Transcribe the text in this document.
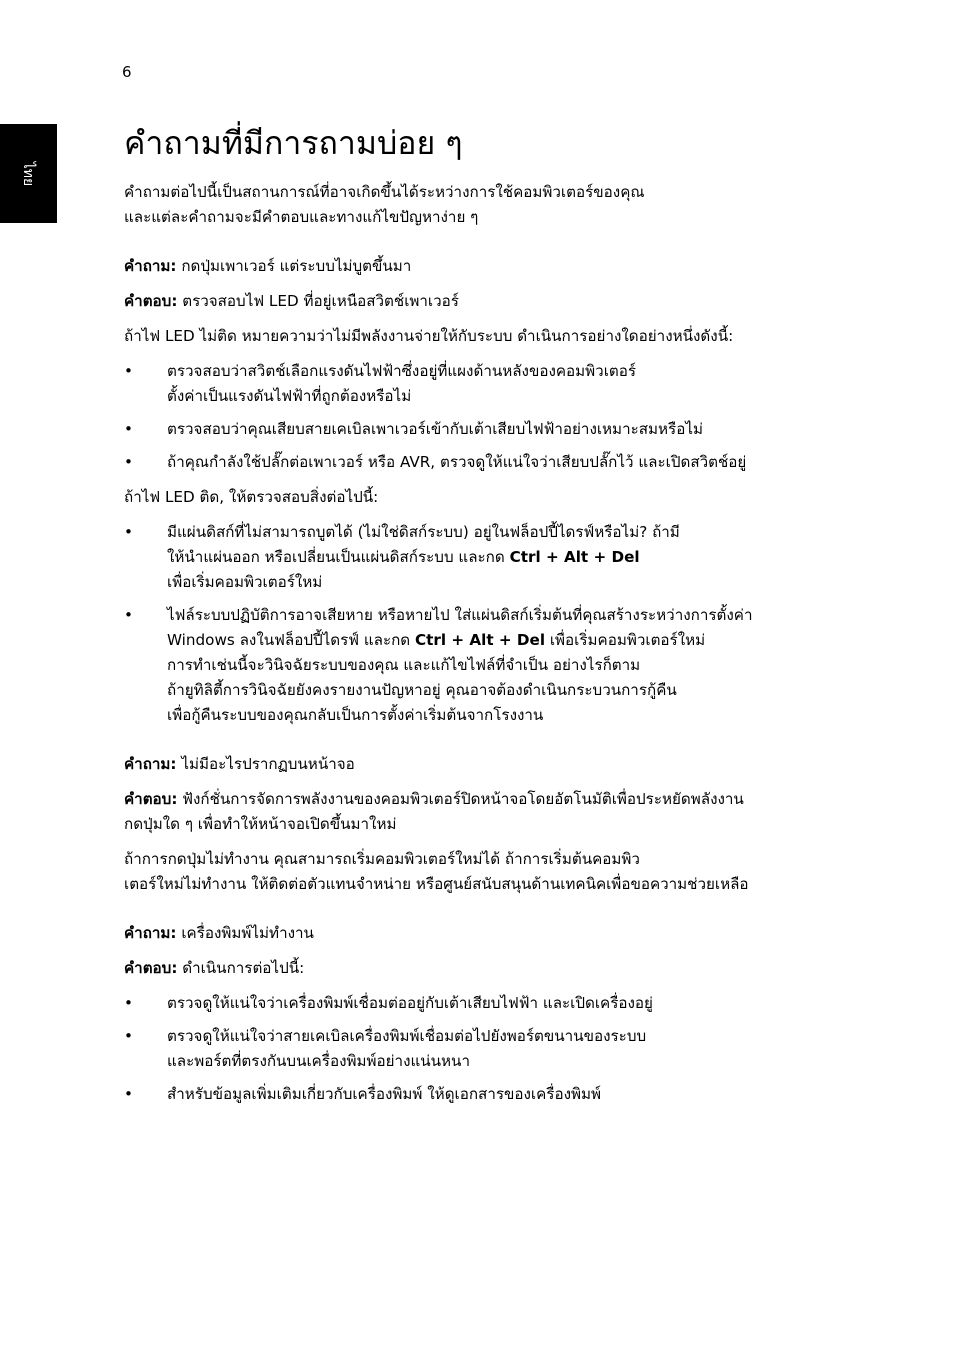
6
ไทย
คำถามที่มีการถามบ่อย ๆ

คำถามต่อไปนี้เป็นสถานการณ์ที่อาจเกิดขึ้นได้ระหว่างการใช้คอมพิวเตอร์ของคุณ
และแต่ละคำถามจะมีคำตอบและทางแก้ไขปัญหาง่าย ๆ

คำถาม: กดปุ่มเพาเวอร์ แต่ระบบไม่บูตขึ้นมา

คำตอบ: ตรวจสอบไฟ LED ที่อยู่เหนือสวิตช์เพาเวอร์

ถ้าไฟ LED ไม่ติด หมายความว่าไม่มีพลังงานจ่ายให้กับระบบ ดำเนินการอย่างใดอย่างหนึ่งดังนี้:

• ตรวจสอบว่าสวิตช์เลือกแรงดันไฟฟ้าซึ่งอยู่ที่แผงด้านหลังของคอมพิวเตอร์
ตั้งค่าเป็นแรงดันไฟฟ้าที่ถูกต้องหรือไม่
• ตรวจสอบว่าคุณเสียบสายเคเบิลเพาเวอร์เข้ากับเต้าเสียบไฟฟ้าอย่างเหมาะสมหรือไม่
• ถ้าคุณกำลังใช้ปลั๊กต่อเพาเวอร์ หรือ AVR, ตรวจดูให้แน่ใจว่าเสียบปลั๊กไว้ และเปิดสวิตช์อยู่

ถ้าไฟ LED ติด, ให้ตรวจสอบสิ่งต่อไปนี้:

• มีแผ่นดิสก์ที่ไม่สามารถบูตได้ (ไม่ใช่ดิสก์ระบบ) อยู่ในฟล็อปปี้ไดรฟ์หรือไม่? ถ้ามี
ให้นำแผ่นออก หรือเปลี่ยนเป็นแผ่นดิสก์ระบบ และกด Ctrl + Alt + Del
เพื่อเริ่มคอมพิวเตอร์ใหม่
• ไฟล์ระบบปฏิบัติการอาจเสียหาย หรือหายไป ใส่แผ่นดิสก์เริ่มต้นที่คุณสร้างระหว่างการตั้งค่า
Windows ลงในฟล็อปปี้ไดรฟ์ และกด Ctrl + Alt + Del เพื่อเริ่มคอมพิวเตอร์ใหม่
การทำเช่นนี้จะวินิจฉัยระบบของคุณ และแก้ไขไฟล์ที่จำเป็น อย่างไรก็ตาม
ถ้ายูทิลิตี้การวินิจฉัยยังคงรายงานปัญหาอยู่ คุณอาจต้องดำเนินกระบวนการกู้คืน
เพื่อกู้คืนระบบของคุณกลับเป็นการตั้งค่าเริ่มต้นจากโรงงาน

คำถาม: ไม่มีอะไรปรากฏบนหน้าจอ

คำตอบ: ฟังก์ชั่นการจัดการพลังงานของคอมพิวเตอร์ปิดหน้าจอโดยอัตโนมัติเพื่อประหยัดพลังงาน
กดปุ่มใด ๆ เพื่อทำให้หน้าจอเปิดขึ้นมาใหม่

ถ้าการกดปุ่มไม่ทำงาน คุณสามารถเริ่มคอมพิวเตอร์ใหม่ได้ ถ้าการเริ่มต้นคอมพิว
เตอร์ใหม่ไม่ทำงาน ให้ติดต่อตัวแทนจำหน่าย หรือศูนย์สนับสนุนด้านเทคนิคเพื่อขอความช่วยเหลือ

คำถาม: เครื่องพิมพ์ไม่ทำงาน

คำตอบ: ดำเนินการต่อไปนี้:

• ตรวจดูให้แน่ใจว่าเครื่องพิมพ์เชื่อมต่ออยู่กับเต้าเสียบไฟฟ้า และเปิดเครื่องอยู่
• ตรวจดูให้แน่ใจว่าสายเคเบิลเครื่องพิมพ์เชื่อมต่อไปยังพอร์ตขนานของระบบ
และพอร์ตที่ตรงกันบนเครื่องพิมพ์อย่างแน่นหนา
• สำหรับข้อมูลเพิ่มเติมเกี่ยวกับเครื่องพิมพ์ ให้ดูเอกสารของเครื่องพิมพ์
